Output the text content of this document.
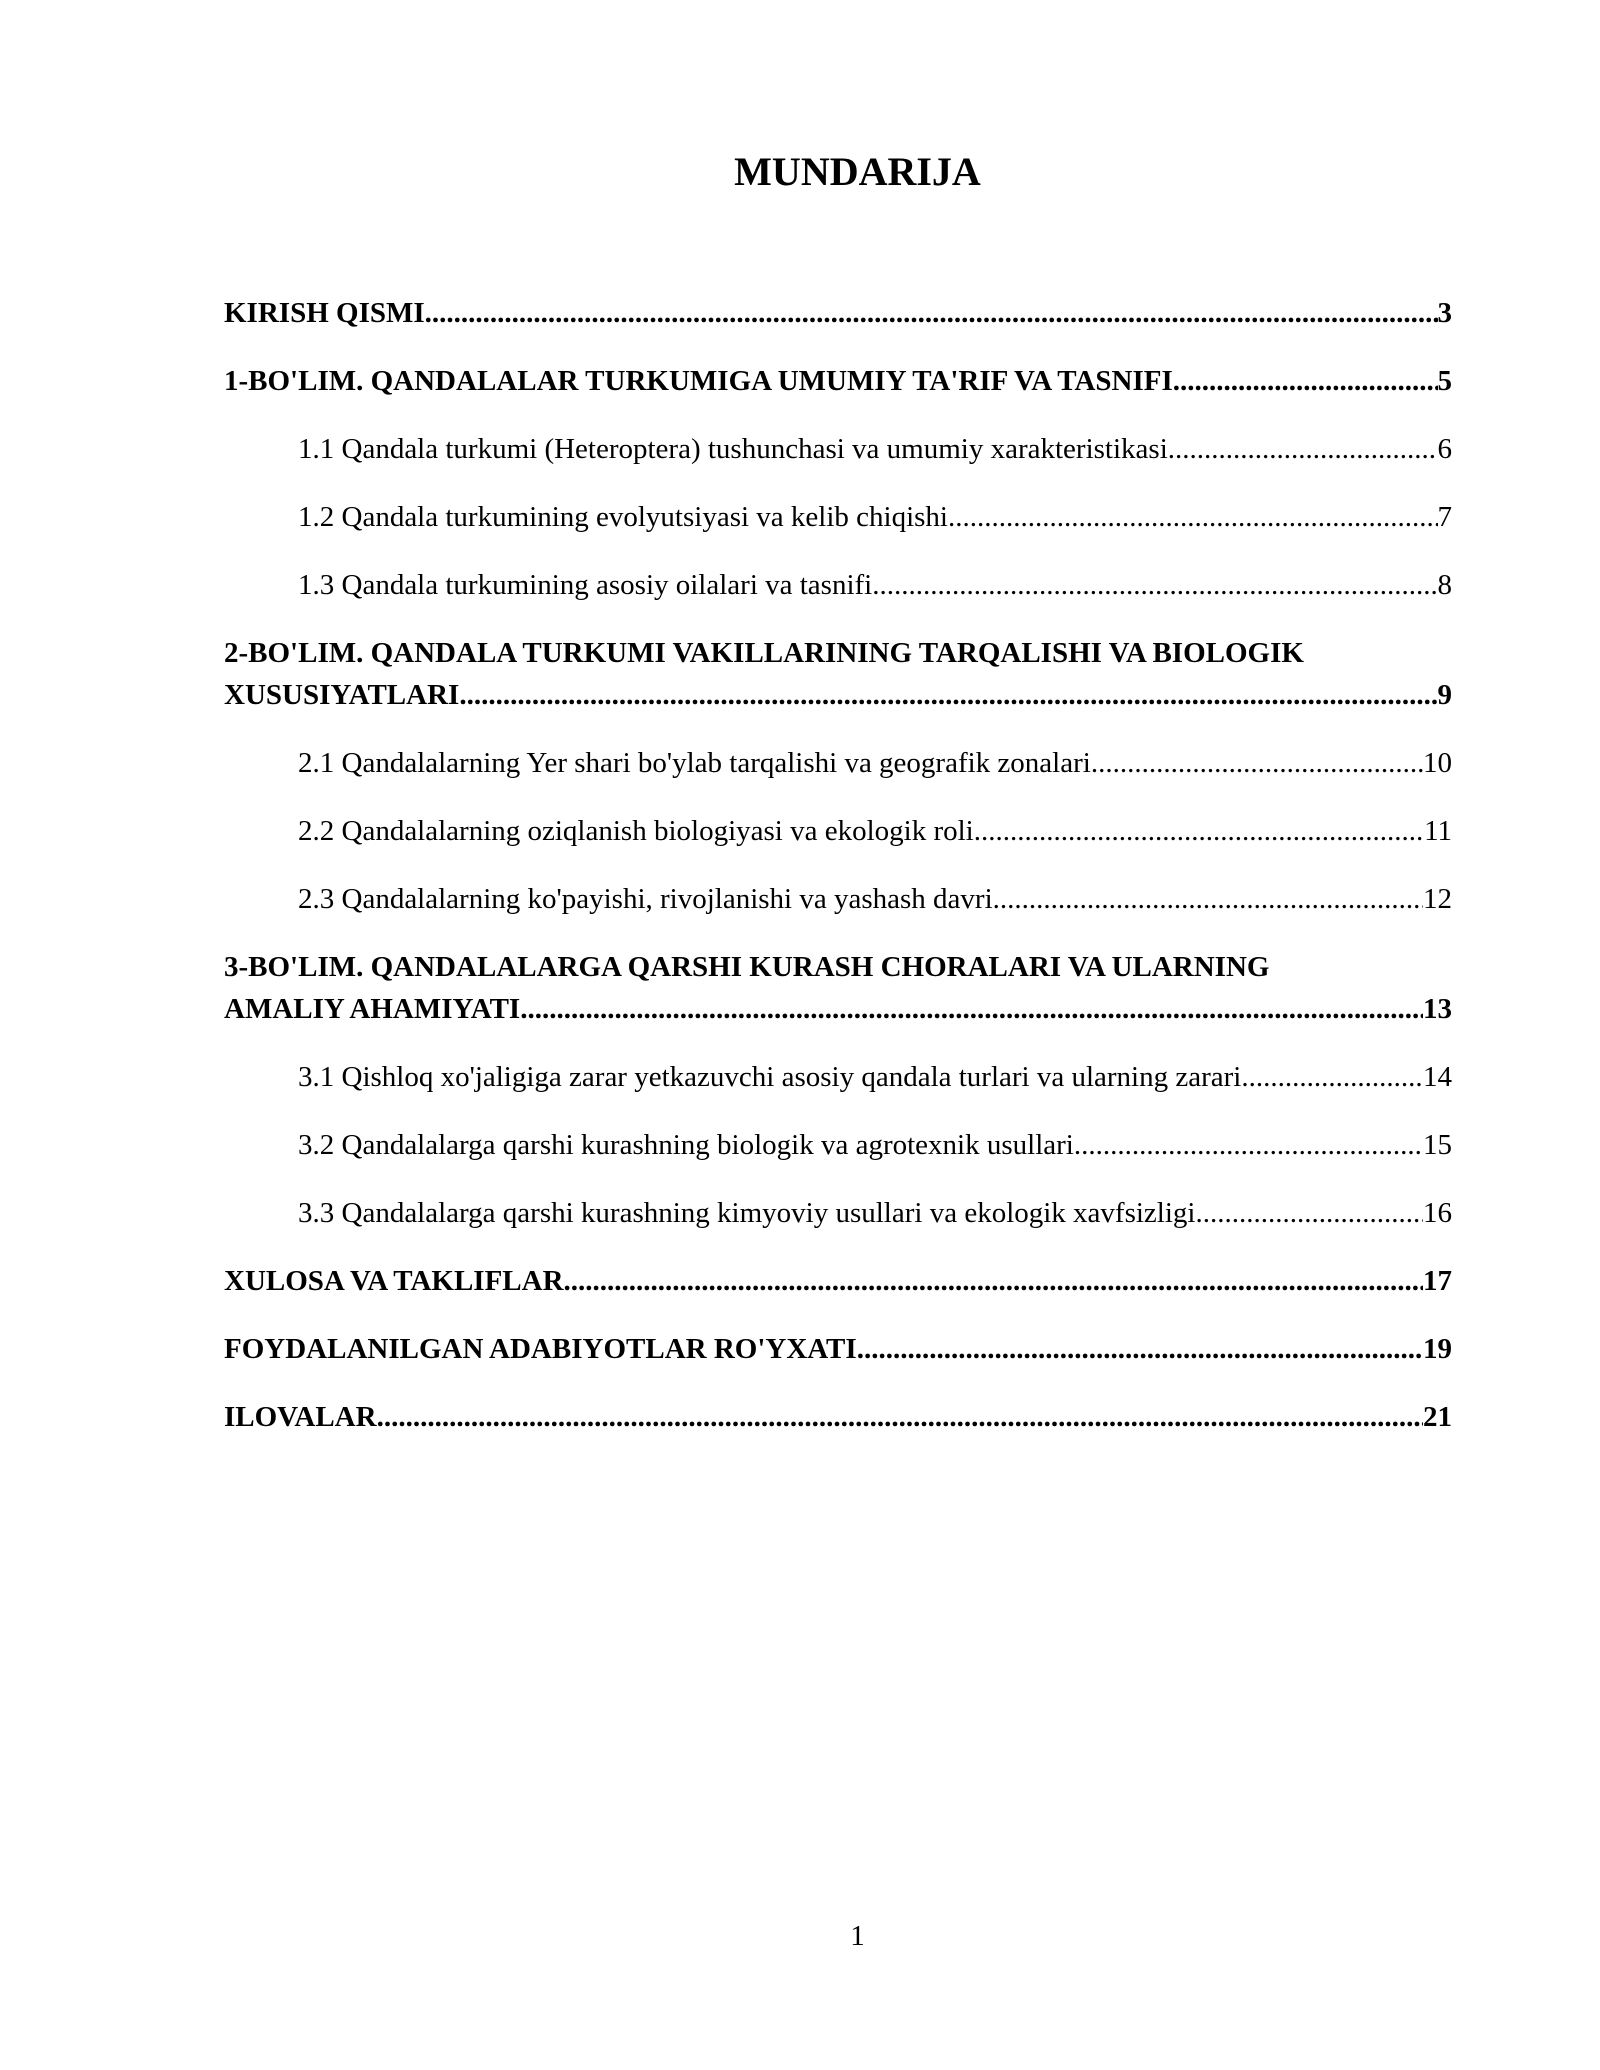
MUNDARIJA
KIRISH QISMI .....	3
1-BO'LIM. QANDALALAR TURKUMIGA UMUMIY TA'RIF VA TASNIFI .....	5
1.1 Qandala turkumi (Heteroptera) tushunchasi va umumiy xarakteristikasi .....	6
1.2 Qandala turkumining evolyutsiyasi va kelib chiqishi .....	7
1.3 Qandala turkumining asosiy oilalari va tasnifi .....	8
2-BO'LIM. QANDALA TURKUMI VAKILLARINING TARQALISHI VA BIOLOGIK
XUSUSIYATLARI .....	9
2.1 Qandalalarning Yer shari bo'ylab tarqalishi va geografik zonalari .....	10
2.2 Qandalalarning oziqlanish biologiyasi va ekologik roli .....	11
2.3 Qandalalarning ko'payishi, rivojlanishi va yashash davri .....	12
3-BO'LIM. QANDALALARGA QARSHI KURASH CHORALARI VA ULARNING
AMALIY AHAMIYATI .....	13
3.1 Qishloq xo'jaligiga zarar yetkazuvchi asosiy qandala turlari va ularning zarari .....	14
3.2 Qandalalarga qarshi kurashning biologik va agrotexnik usullari .....	15
3.3 Qandalalarga qarshi kurashning kimyoviy usullari va ekologik xavfsizligi .....	16
XULOSA VA TAKLIFLAR .....	17
FOYDALANILGAN ADABIYOTLAR RO'YXATI .....	19
ILOVALAR .....	21
1
